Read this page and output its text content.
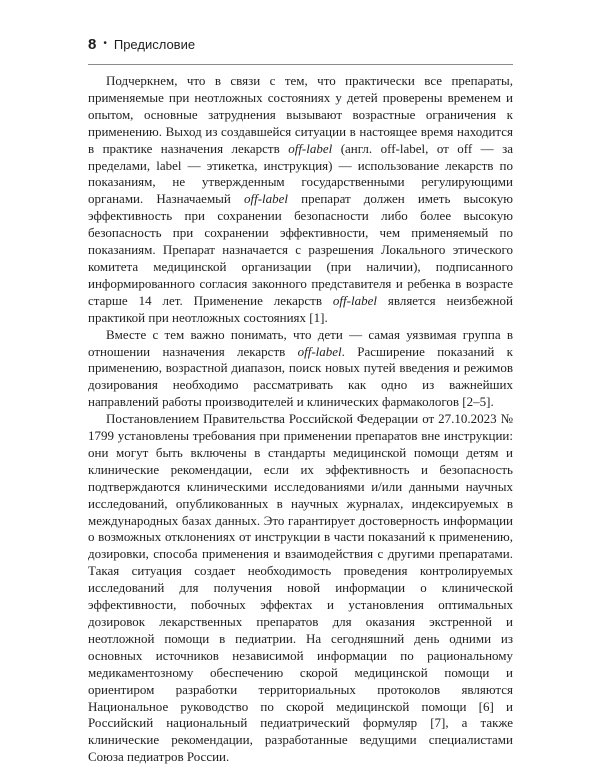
8 • Предисловие

Подчеркнем, что в связи с тем, что практически все препараты, применяемые при неотложных состояниях у детей проверены временем и опытом, основные затруднения вызывают возрастные ограничения к применению. Выход из создавшейся ситуации в настоящее время находится в практике назначения лекарств off-label (англ. off-label, от off — за пределами, label — этикетка, инструкция) — использование лекарств по показаниям, не утвержденным государственными регулирующими органами. Назначаемый off-label препарат должен иметь высокую эффективность при сохранении безопасности либо более высокую безопасность при сохранении эффективности, чем применяемый по показаниям. Препарат назначается с разрешения Локального этического комитета медицинской организации (при наличии), подписанного информированного согласия законного представителя и ребенка в возрасте старше 14 лет. Применение лекарств off-label является неизбежной практикой при неотложных состояниях [1].

Вместе с тем важно понимать, что дети — самая уязвимая группа в отношении назначения лекарств off-label. Расширение показаний к применению, возрастной диапазон, поиск новых путей введения и режимов дозирования необходимо рассматривать как одно из важнейших направлений работы производителей и клинических фармакологов [2–5].

Постановлением Правительства Российской Федерации от 27.10.2023 № 1799 установлены требования при применении препаратов вне инструкции: они могут быть включены в стандарты медицинской помощи детям и клинические рекомендации, если их эффективность и безопасность подтверждаются клиническими исследованиями и/или данными научных исследований, опубликованных в научных журналах, индексируемых в международных базах данных. Это гарантирует достоверность информации о возможных отклонениях от инструкции в части показаний к применению, дозировки, способа применения и взаимодействия с другими препаратами. Такая ситуация создает необходимость проведения контролируемых исследований для получения новой информации о клинической эффективности, побочных эффектах и установления оптимальных дозировок лекарственных препаратов для оказания экстренной и неотложной помощи в педиатрии. На сегодняшний день одними из основных источников независимой информации по рациональному медикаментозному обеспечению скорой медицинской помощи и ориентиром разработки территориальных протоколов являются Национальное руководство по скорой медицинской помощи [6] и Российский национальный педиатрический формуляр [7], а также клинические рекомендации, разработанные ведущими специалистами Союза педиатров России.
